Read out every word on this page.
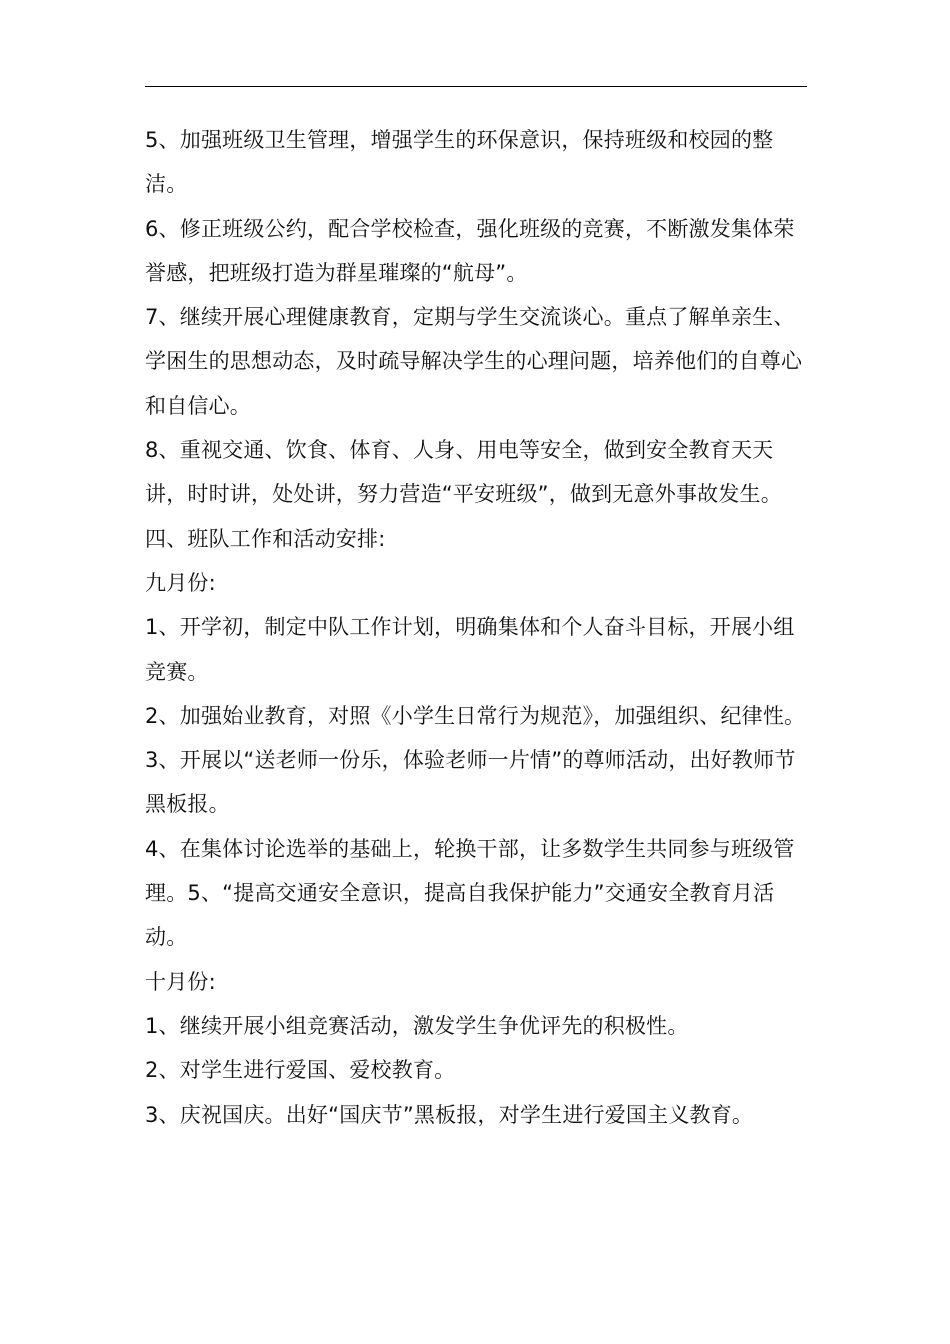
5、加强班级卫生管理，增强学生的环保意识，保持班级和校园的整洁。

6、修正班级公约，配合学校检查，强化班级的竞赛，不断激发集体荣誉感，把班级打造为群星璀璨的“航母”。

7、继续开展心理健康教育，定期与学生交流谈心。重点了解单亲生、学困生的思想动态，及时疏导解决学生的心理问题，培养他们的自尊心和自信心。

8、重视交通、饮食、体育、人身、用电等安全，做到安全教育天天讲，时时讲，处处讲，努力营造“平安班级”，做到无意外事故发生。

四、班队工作和活动安排:

九月份:

1、开学初，制定中队工作计划，明确集体和个人奋斗目标，开展小组竞赛。

2、加强始业教育，对照《小学生日常行为规范》，加强组织、纪律性。

3、开展以“送老师一份乐，体验老师一片情”的尊师活动，出好教师节黑板报。

4、在集体讨论选举的基础上，轮换干部，让多数学生共同参与班级管理。5、“提高交通安全意识，提高自我保护能力”交通安全教育月活动。

十月份:

1、继续开展小组竞赛活动，激发学生争优评先的积极性。

2、对学生进行爱国、爱校教育。

3、庆祝国庆。出好“国庆节”黑板报，对学生进行爱国主义教育。
